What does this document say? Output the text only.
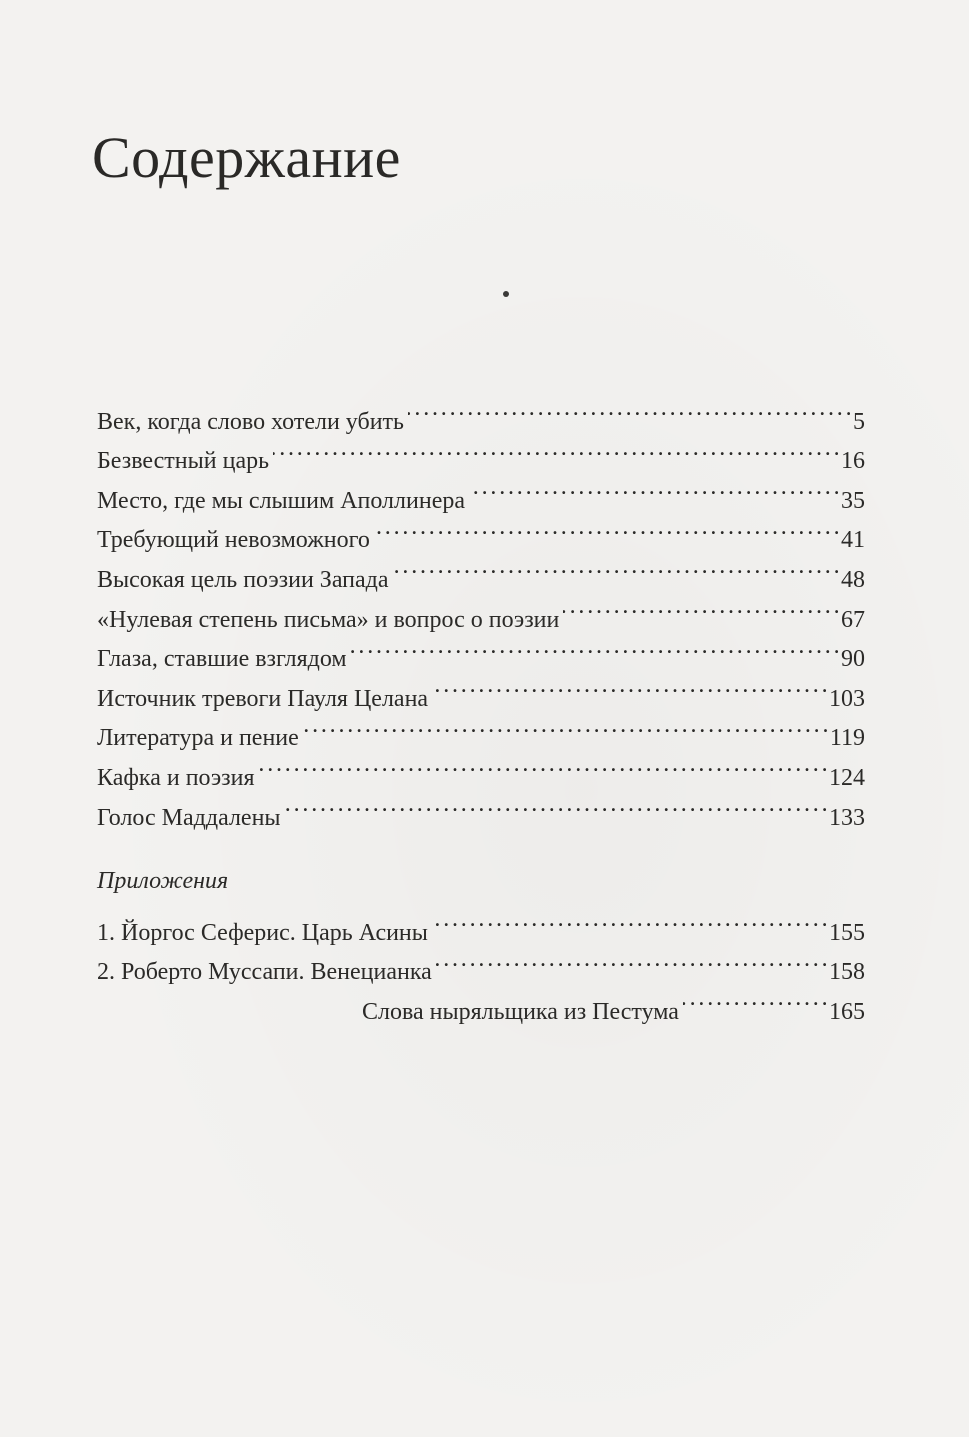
Содержание
Век, когда слово хотели убить . . .	5
Безвестный царь . . .	16
Место, где мы слышим Аполлинера . . .	35
Требующий невозможного . . .	41
Высокая цель поэзии Запада . . .	48
«Нулевая степень письма» и вопрос о поэзии . . .	67
Глаза, ставшие взглядом . . .	90
Источник тревоги Пауля Целана . . .	103
Литература и пение . . .	119
Кафка и поэзия . . .	124
Голос Маддалены . . .	133
Приложения
1. Йоргос Сеферис. Царь Асины . . .	155
2. Роберто Муссапи. Венецианка . . .	158
Слова ныряльщика из Пестума . . .	165
